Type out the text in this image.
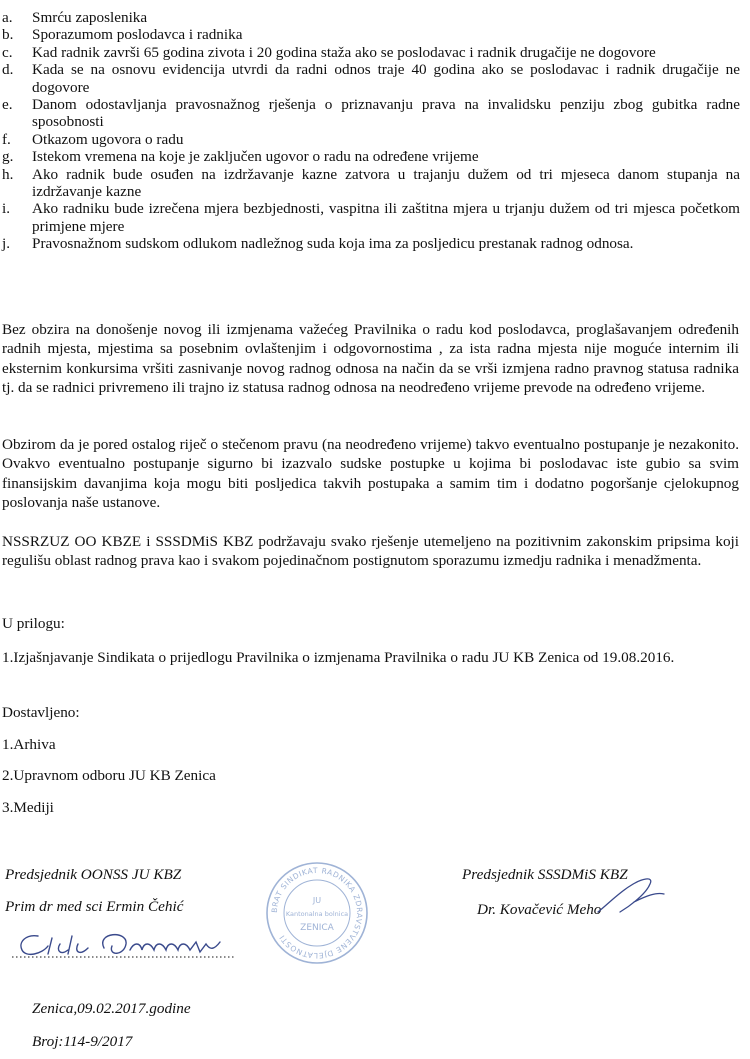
a.	Smrću zaposlenika
b.	Sporazumom poslodavca i radnika
c.	Kad radnik završi 65 godina zivota i 20 godina staža ako se poslodavac i radnik drugačije ne dogovore
d.	Kada se na osnovu evidencija utvrdi da radni odnos traje 40 godina ako se poslodavac i radnik drugačije ne dogovore
e.	Danom odostavljanja pravosnažnog rješenja o priznavanju prava na invalidsku penziju zbog gubitka radne sposobnosti
f.	Otkazom ugovora o radu
g.	Istekom vremena na koje je zaključen ugovor o radu na određene vrijeme
h.	Ako radnik bude osuđen na izdržavanje kazne zatvora u trajanju dužem od tri mjeseca danom stupanja na izdržavanje kazne
i.	Ako radniku bude izrečena mjera bezbjednosti, vaspitna ili zaštitna mjera u trjanju dužem od tri mjesca početkom primjene mjere
j.	Pravosnažnom sudskom odlukom nadležnog suda koja ima za posljedicu prestanak radnog odnosa.

Bez obzira na donošenje novog ili izmjenama važećeg Pravilnika o radu kod poslodavca, proglašavanjem određenih radnih mjesta, mjestima sa posebnim ovlaštenjim i odgovornostima , za ista radna mjesta nije moguće internim ili eksternim konkursima vršiti zasnivanje novog radnog odnosa na način da se vrši izmjena radno pravnog statusa radnika tj. da se radnici privremeno ili trajno iz statusa radnog odnosa na neodređeno vrijeme prevode na određeno vrijeme.

Obzirom da je pored ostalog riječ o stečenom pravu (na neodređeno vrijeme) takvo eventualno postupanje je nezakonito. Ovakvo eventualno postupanje sigurno bi izazvalo sudske postupke u kojima bi poslodavac iste gubio sa svim finansijskim davanjima koja mogu biti posljedica takvih postupaka a samim tim i dodatno pogoršanje cjelokupnog poslovanja naše ustanove.

NSSRZUZ OO KBZE i SSSDMiS KBZ podržavaju svako rješenje utemeljeno na pozitivnim zakonskim pripsima koji regulišu oblast radnog prava kao i svakom pojedinačnom postignutom sporazumu izmedju radnika i menadžmenta.

U prilogu:

1.Izjašnjavanje Sindikata o prijedlogu Pravilnika o izmjenama Pravilnika o radu JU KB Zenica od 19.08.2016.

Dostavljeno:

1.Arhiva

2.Upravnom odboru JU KB Zenica

3.Mediji

Predsjednik OONSS JU KBZ

Prim dr med sci Ermin Čehić

Predsjednik SSSDMiS KBZ

Dr. Kovačević Meho

BRAT SINDIKAT RADNIKA ZDRAVSTVENE DJELATNOSTI
JU
Kantonalna bolnica
ZENICA

Zenica,09.02.2017.godine

Broj:114-9/2017
